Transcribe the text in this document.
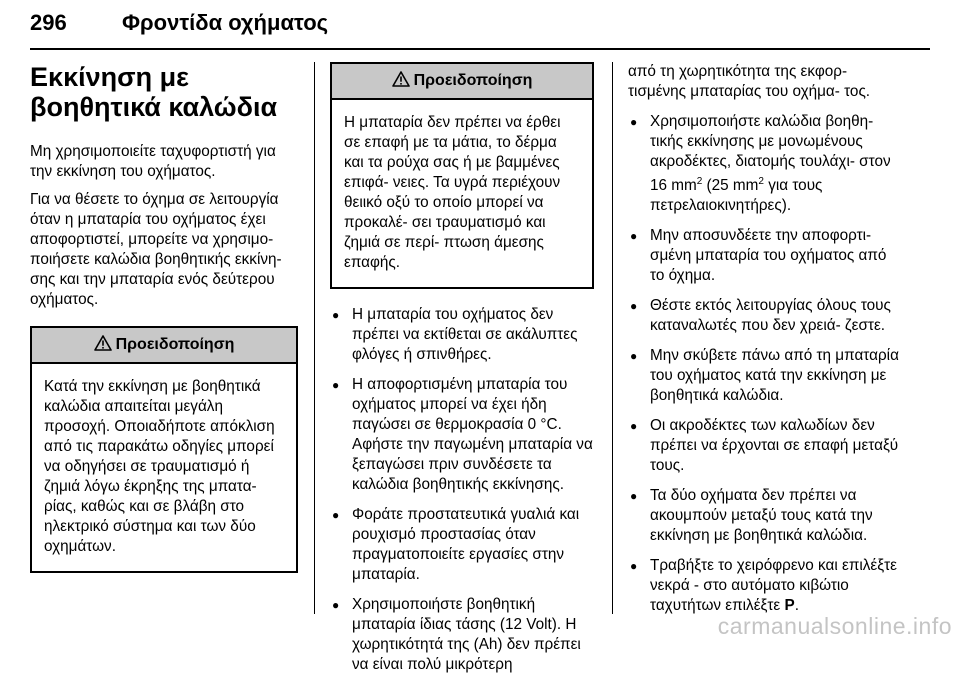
296	Φροντίδα οχήματος
Εκκίνηση με βοηθητικά καλώδια

Μη χρησιμοποιείτε ταχυφορτιστή για την εκκίνηση του οχήματος.

Για να θέσετε το όχημα σε λειτουργία όταν η μπαταρία του οχήματος έχει αποφορτιστεί, μπορείτε να χρησιμο- ποιήσετε καλώδια βοηθητικής εκκίνη- σης και την μπαταρία ενός δεύτερου οχήματος.

Προειδοποίηση
Κατά την εκκίνηση με βοηθητικά καλώδια απαιτείται μεγάλη προσοχή. Οποιαδήποτε απόκλιση από τις παρακάτω οδηγίες μπορεί να οδηγήσει σε τραυματισμό ή ζημιά λόγω έκρηξης της μπατα- ρίας, καθώς και σε βλάβη στο ηλεκτρικό σύστημα και των δύο οχημάτων.
Προειδοποίηση
Η μπαταρία δεν πρέπει να έρθει σε επαφή με τα μάτια, το δέρμα και τα ρούχα σας ή με βαμμένες επιφά- νειες. Τα υγρά περιέχουν θειικό οξύ το οποίο μπορεί να προκαλέ- σει τραυματισμό και ζημιά σε περί- πτωση άμεσης επαφής.
● Η μπαταρία του οχήματος δεν πρέπει να εκτίθεται σε ακάλυπτες φλόγες ή σπινθήρες.
● Η αποφορτισμένη μπαταρία του οχήματος μπορεί να έχει ήδη παγώσει σε θερμοκρασία 0 °C. Αφήστε την παγωμένη μπαταρία να ξεπαγώσει πριν συνδέσετε τα καλώδια βοηθητικής εκκίνησης.
● Φοράτε προστατευτικά γυαλιά και ρουχισμό προστασίας όταν πραγματοποιείτε εργασίες στην μπαταρία.
● Χρησιμοποιήστε βοηθητική μπαταρία ίδιας τάσης (12 Volt). Η χωρητικότητά της (Ah) δεν πρέπει να είναι πολύ μικρότερη

από τη χωρητικότητα της εκφορ- τισμένης μπαταρίας του οχήμα- τος.

● Χρησιμοποιήστε καλώδια βοηθη- τικής εκκίνησης με μονωμένους ακροδέκτες, διατομής τουλάχι- στον 16 $mm^2$ (25 $mm^2$ για τους πετρελαιοκινητήρες).
● Μην αποσυνδέετε την αποφορτι- σμένη μπαταρία του οχήματος από το όχημα.
● Θέστε εκτός λειτουργίας όλους τους καταναλωτές που δεν χρειά- ζεστε.
● Μην σκύβετε πάνω από τη μπαταρία του οχήματος κατά την εκκίνηση με βοηθητικά καλώδια.
● Οι ακροδέκτες των καλωδίων δεν πρέπει να έρχονται σε επαφή μεταξύ τους.
● Τα δύο οχήματα δεν πρέπει να ακουμπούν μεταξύ τους κατά την εκκίνηση με βοηθητικά καλώδια.
● Τραβήξτε το χειρόφρενο και επιλέξτε νεκρά - στο αυτόματο κιβώτιο ταχυτήτων επιλέξτε P.
carmanualsonline.info
